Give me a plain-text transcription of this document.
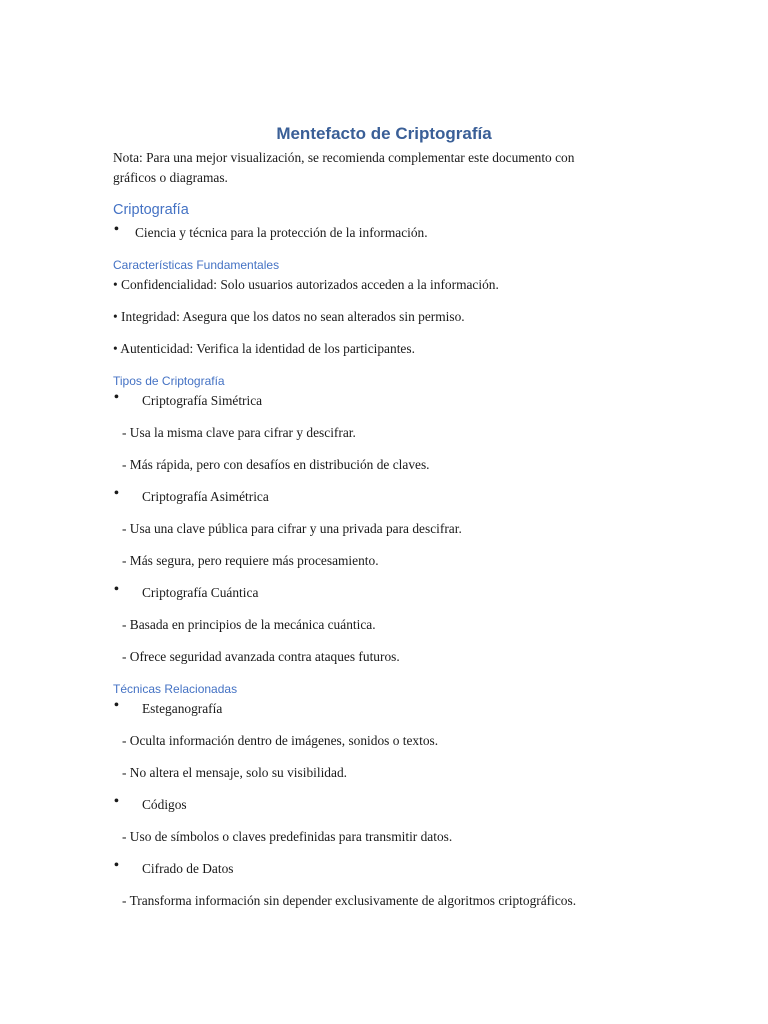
Mentefacto de Criptografía
Nota: Para una mejor visualización, se recomienda complementar este documento con
gráficos o diagramas.
Criptografía
• Ciencia y técnica para la protección de la información.
Características Fundamentales
• Confidencialidad: Solo usuarios autorizados acceden a la información.
• Integridad: Asegura que los datos no sean alterados sin permiso.
• Autenticidad: Verifica la identidad de los participantes.
Tipos de Criptografía
• Criptografía Simétrica
- Usa la misma clave para cifrar y descifrar.
- Más rápida, pero con desafíos en distribución de claves.
• Criptografía Asimétrica
- Usa una clave pública para cifrar y una privada para descifrar.
- Más segura, pero requiere más procesamiento.
• Criptografía Cuántica
- Basada en principios de la mecánica cuántica.
- Ofrece seguridad avanzada contra ataques futuros.
Técnicas Relacionadas
• Esteganografía
- Oculta información dentro de imágenes, sonidos o textos.
- No altera el mensaje, solo su visibilidad.
• Códigos
- Uso de símbolos o claves predefinidas para transmitir datos.
• Cifrado de Datos
- Transforma información sin depender exclusivamente de algoritmos criptográficos.
